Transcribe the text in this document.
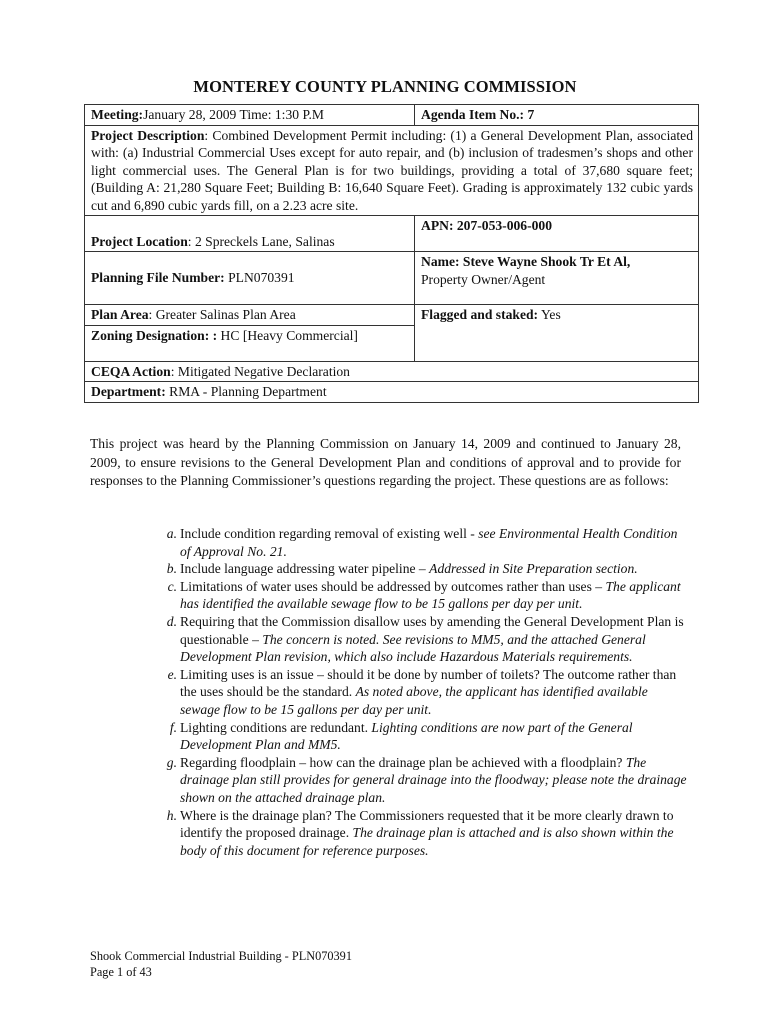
MONTEREY COUNTY PLANNING COMMISSION
Meeting:January 28, 2009 Time: 1:30 P.M	Agenda Item No.: 7
Project Description: Combined Development Permit including: (1) a General Development Plan, associated with: (a) Industrial Commercial Uses except for auto repair, and (b) inclusion of tradesmen’s shops and other light commercial uses. The General Plan is for two buildings, providing a total of 37,680 square feet; (Building A: 21,280 Square Feet; Building B: 16,640 Square Feet). Grading is approximately 132 cubic yards cut and 6,890 cubic yards fill, on a 2.23 acre site.	
Project Location: 2 Spreckels Lane, Salinas	APN: 207-053-006-000
Planning File Number: PLN070391	Name: Steve Wayne Shook Tr Et Al,
Property Owner/Agent

Plan Area: Greater Salinas Plan Area	Flagged and staked: Yes
Zoning Designation: : HC [Heavy Commercial]	
CEQA Action: Mitigated Negative Declaration	
Department: RMA - Planning Department	

This project was heard by the Planning Commission on January 14, 2009 and continued to January 28, 2009, to ensure revisions to the General Development Plan and conditions of approval and to provide for responses to the Planning Commissioner’s questions regarding the project. These questions are as follows:

a. Include condition regarding removal of existing well - see Environmental Health Condition of Approval No. 21.
b. Include language addressing water pipeline – Addressed in Site Preparation section.
c. Limitations of water uses should be addressed by outcomes rather than uses – The applicant has identified the available sewage flow to be 15 gallons per day per unit.
d. Requiring that the Commission disallow uses by amending the General Development Plan is questionable – The concern is noted. See revisions to MM5, and the attached General Development Plan revision, which also include Hazardous Materials requirements.
e. Limiting uses is an issue – should it be done by number of toilets? The outcome rather than the uses should be the standard. As noted above, the applicant has identified available sewage flow to be 15 gallons per day per unit.
f. Lighting conditions are redundant. Lighting conditions are now part of the General Development Plan and MM5.
g. Regarding floodplain – how can the drainage plan be achieved with a floodplain? The drainage plan still provides for general drainage into the floodway; please note the drainage shown on the attached drainage plan.
h. Where is the drainage plan? The Commissioners requested that it be more clearly drawn to identify the proposed drainage. The drainage plan is attached and is also shown within the body of this document for reference purposes.
Shook Commercial Industrial Building - PLN070391
Page 1 of 43
